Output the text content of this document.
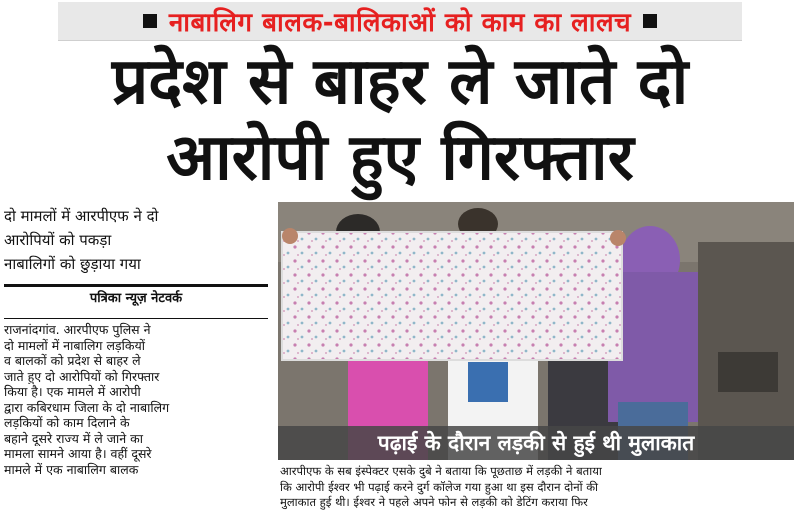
नाबालिग बालक-बालिकाओं को काम का लालच
प्रदेश से बाहर ले जाते दो
आरोपी हुए गिरफ्तार
दो मामलों में आरपीएफ ने दो
आरोपियों को पकड़ा
नाबालिगों को छुड़ाया गया
पत्रिका न्यूज़ नेटवर्क
राजनांदगांव. आरपीएफ पुलिस ने
दो मामलों में नाबालिग लड़कियों
व बालकों को प्रदेश से बाहर ले
जाते हुए दो आरोपियों को गिरफ्तार
किया है। एक मामले में आरोपी
द्वारा कबिरधाम जिला के दो नाबालिग
लड़कियों को काम दिलाने के
बहाने दूसरे राज्य में ले जाने का
मामला सामने आया है। वहीं दूसरे
मामले में एक नाबालिग बालक
पढ़ाई के दौरान लड़की से हुई थी मुलाकात
आरपीएफ के सब इंस्पेक्टर एसके दुबे ने बताया कि पूछताछ में लड़की ने बताया
कि आरोपी ईश्वर भी पढ़ाई करने दुर्ग कॉलेज गया हुआ था इस दौरान दोनों की
मुलाकात हुई थी। ईश्वर ने पहले अपने फोन से लड़की को डेटिंग कराया फिर
